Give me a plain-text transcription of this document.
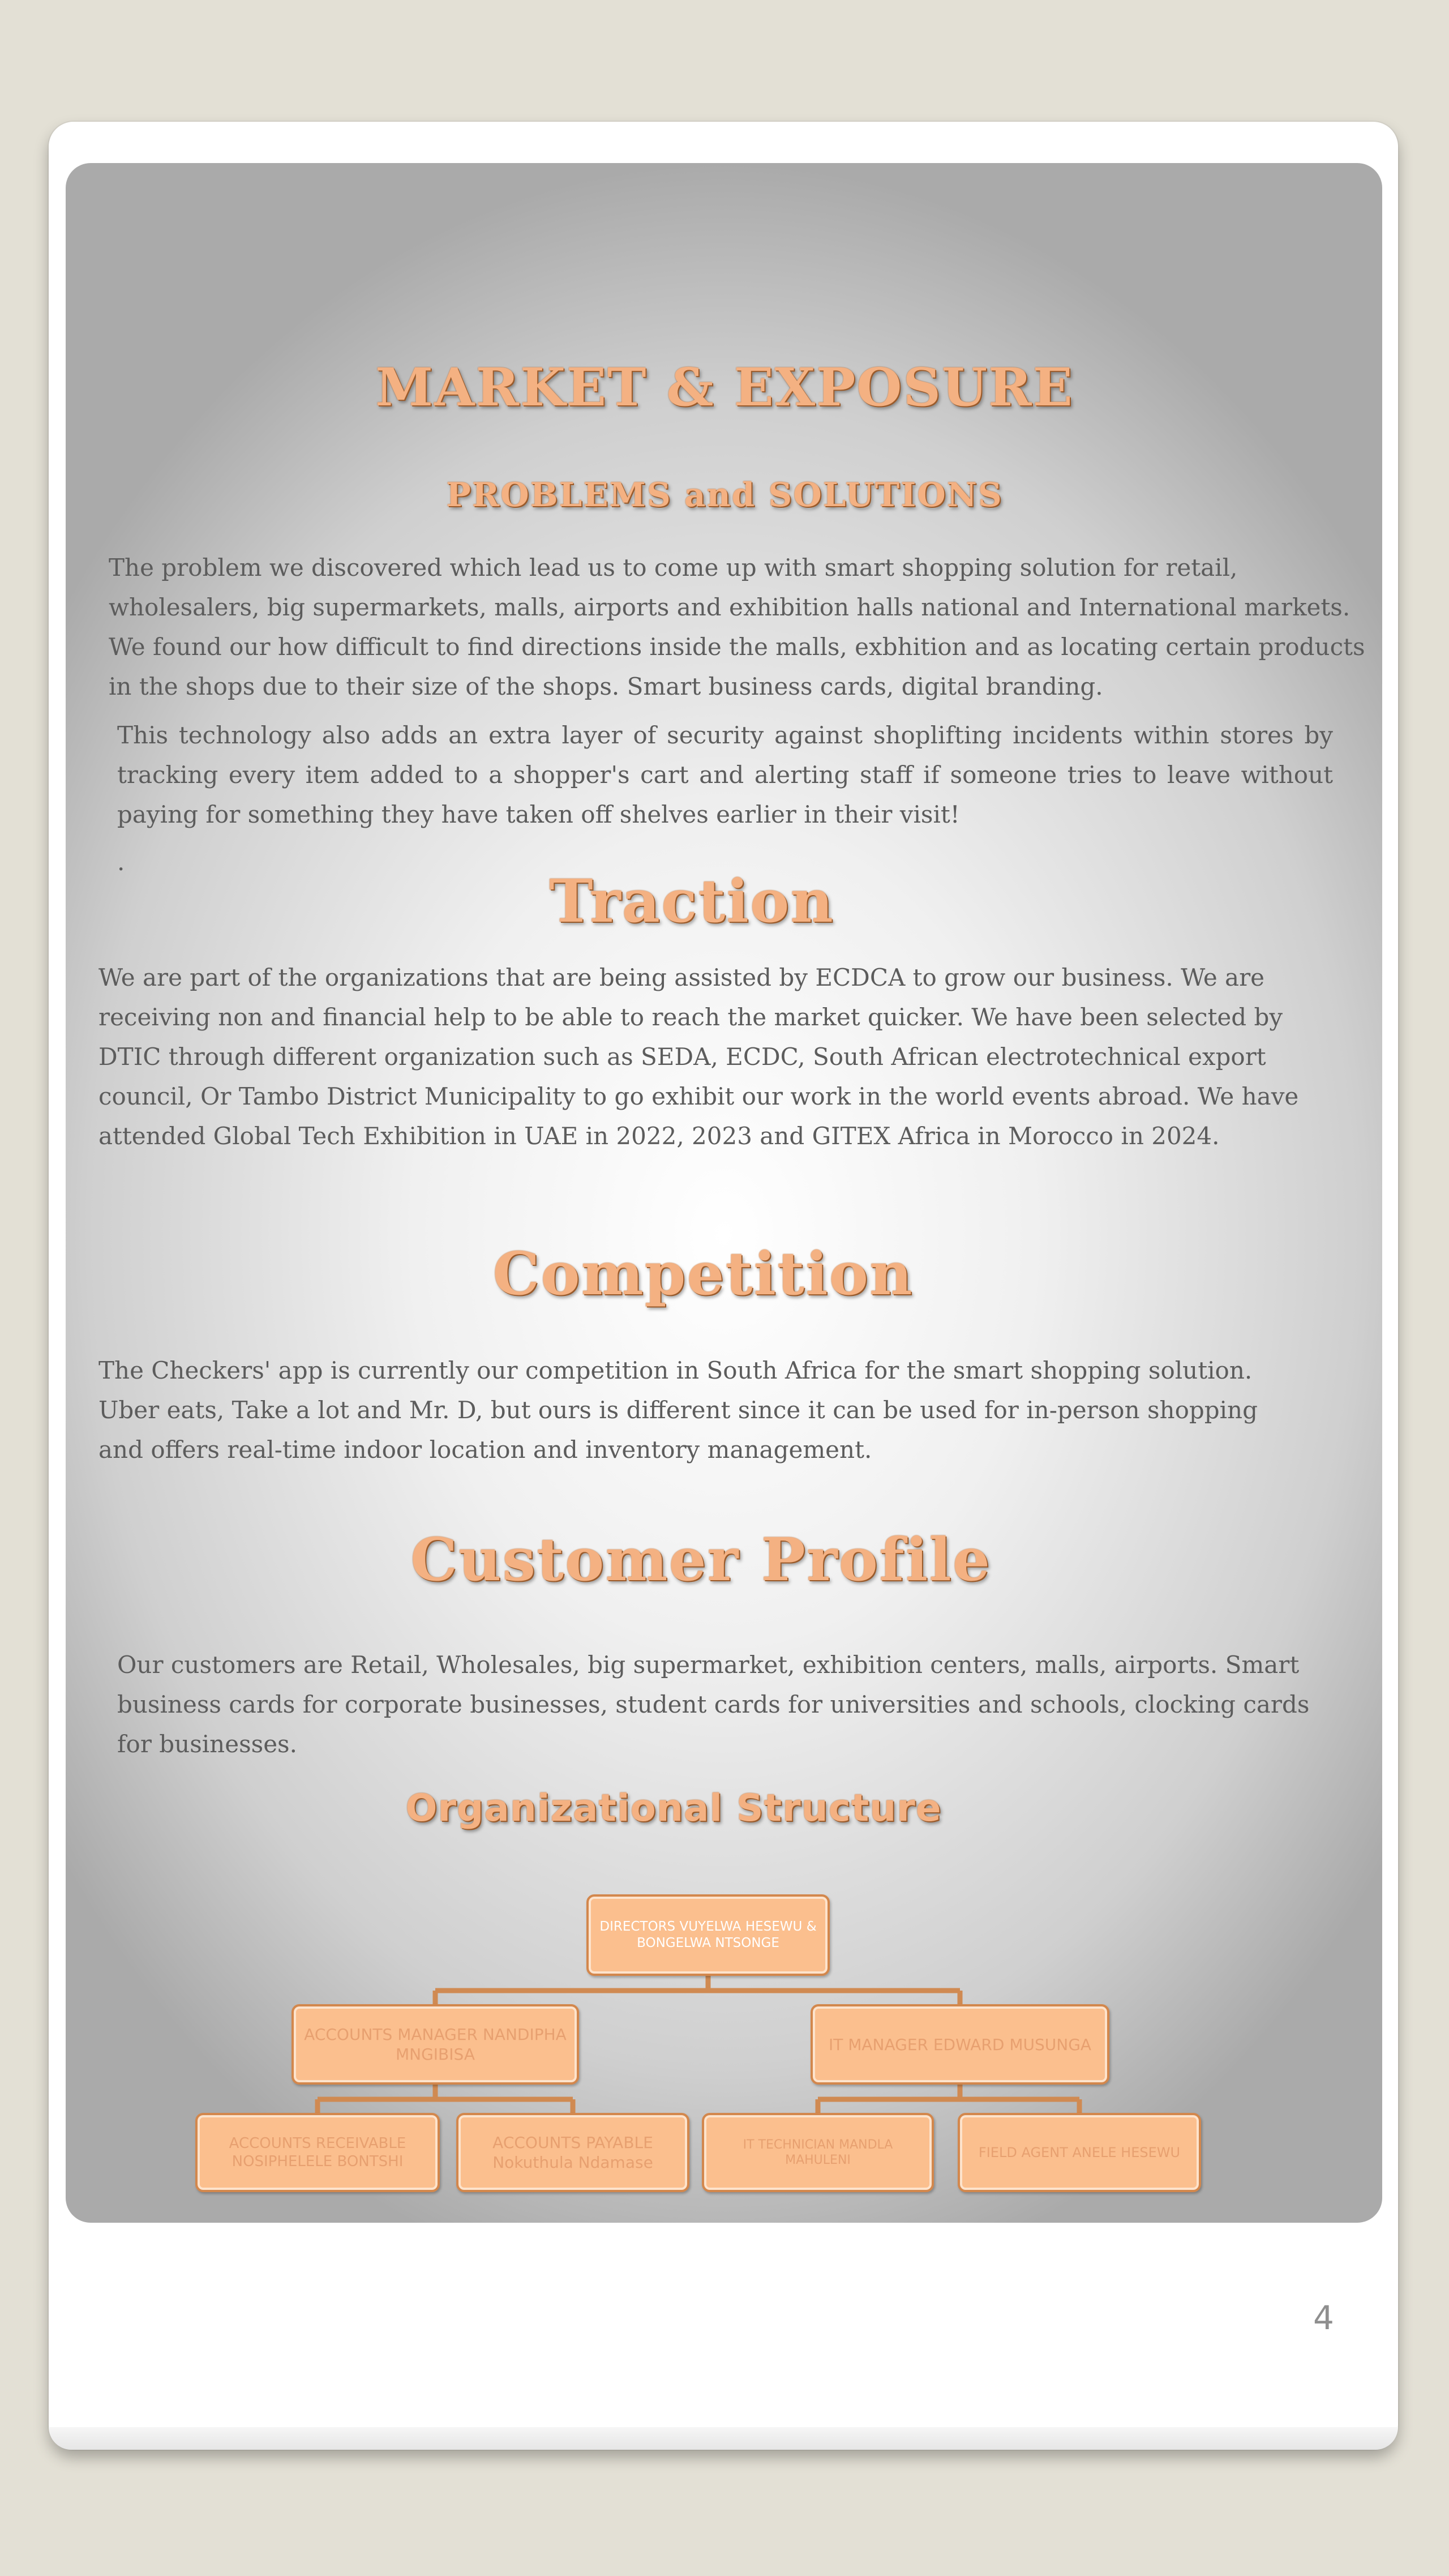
MARKET & EXPOSURE
PROBLEMS and SOLUTIONS

The problem we discovered which lead us to come up with smart shopping solution for retail, wholesalers, big supermarkets, malls, airports and exhibition halls national and International markets. We found our how difficult to find directions inside the malls, exbhition and as locating certain products in the shops due to their size of the shops. Smart business cards, digital branding.

This technology also adds an extra layer of security against shoplifting incidents within stores by tracking every item added to a shopper's cart and alerting staff if someone tries to leave without paying for something they have taken off shelves earlier in their visit!

.

Traction

We are part of the organizations that are being assisted by ECDCA to grow our business. We are receiving non and financial help to be able to reach the market quicker. We have been selected by DTIC through different organization such as SEDA, ECDC, South African electrotechnical export council, Or Tambo District Municipality to go exhibit our work in the world events abroad. We have attended Global Tech Exhibition in UAE in 2022, 2023 and GITEX Africa in Morocco in 2024.

Competition

The Checkers' app is currently our competition in South Africa for the smart shopping solution. Uber eats, Take a lot and Mr. D, but ours is different since it can be used for in-person shopping and offers real-time indoor location and inventory management.

Customer Profile

Our customers are Retail, Wholesales, big supermarket, exhibition centers, malls, airports. Smart business cards for corporate businesses, student cards for universities and schools, clocking cards for businesses.

Organizational Structure
DIRECTORS VUYELWA HESEWU & BONGELWA NTSONGE
ACCOUNTS MANAGER NANDIPHA MNGIBISA
IT MANAGER EDWARD MUSUNGA
ACCOUNTS RECEIVABLE NOSIPHELELE BONTSHI
ACCOUNTS PAYABLE Nokuthula Ndamase
IT TECHNICIAN MANDLA MAHULENI	FIELD AGENT ANELE HESEWU
4
